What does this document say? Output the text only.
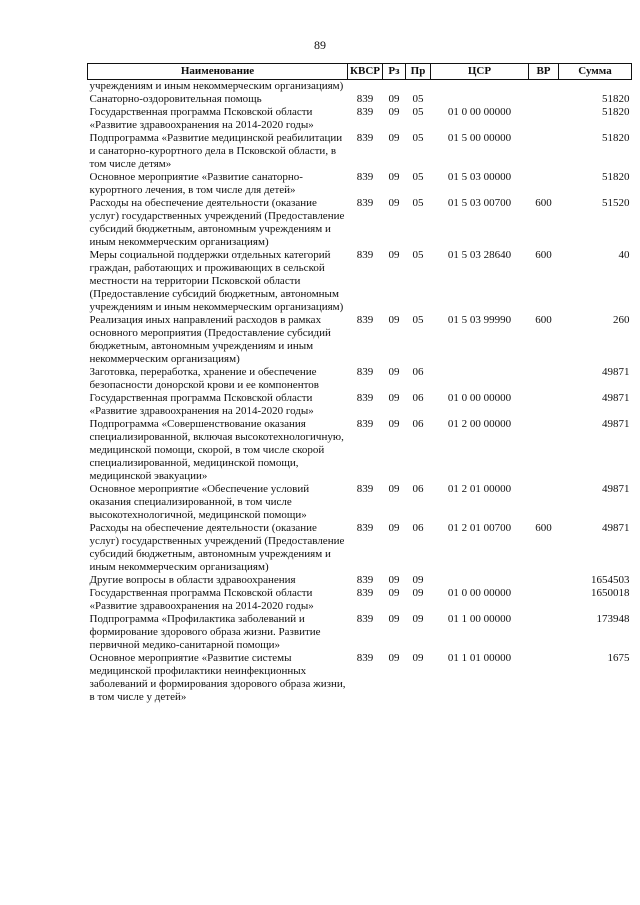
89
Наименование	КВСР	Рз	Пр	ЦСР	ВР	Сумма
учреждениям и иным некоммерческим организациям)						
Санаторно-оздоровительная помощь	839	09	05			51820
Государственная программа Псковской области «Развитие здравоохранения на 2014-2020 годы»	839	09	05	01 0 00 00000		51820
Подпрограмма «Развитие медицинской реабилитации и санаторно-курортного дела в Псковской области, в том числе детям»	839	09	05	01 5 00 00000		51820
Основное мероприятие «Развитие санаторно-курортного лечения, в том числе для детей»	839	09	05	01 5 03 00000		51820
Расходы на обеспечение деятельности (оказание услуг) государственных учреждений (Предоставление субсидий бюджетным, автономным учреждениям и иным некоммерческим организациям)	839	09	05	01 5 03 00700	600	51520
Меры социальной поддержки отдельных категорий граждан, работающих и проживающих в сельской местности на территории Псковской области (Предоставление субсидий бюджетным, автономным учреждениям и иным некоммерческим организациям)	839	09	05	01 5 03 28640	600	40
Реализация иных направлений расходов в рамках основного мероприятия (Предоставление субсидий бюджетным, автономным учреждениям и иным некоммерческим организациям)	839	09	05	01 5 03 99990	600	260
Заготовка, переработка, хранение и обеспечение безопасности донорской крови и ее компонентов	839	09	06			49871
Государственная программа Псковской области «Развитие здравоохранения на 2014-2020 годы»	839	09	06	01 0 00 00000		49871
Подпрограмма «Совершенствование оказания специализированной, включая высокотехнологичную, медицинской помощи, скорой, в том числе скорой специализированной, медицинской помощи, медицинской эвакуации»	839	09	06	01 2 00 00000		49871
Основное мероприятие «Обеспечение условий оказания специализированной, в том числе высокотехнологичной, медицинской помощи»	839	09	06	01 2 01 00000		49871
Расходы на обеспечение деятельности (оказание услуг) государственных учреждений (Предоставление субсидий бюджетным, автономным учреждениям и иным некоммерческим организациям)	839	09	06	01 2 01 00700	600	49871
Другие вопросы в области здравоохранения	839	09	09			1654503
Государственная программа Псковской области «Развитие здравоохранения на 2014-2020 годы»	839	09	09	01 0 00 00000		1650018
Подпрограмма «Профилактика заболеваний и формирование здорового образа жизни. Развитие первичной медико-санитарной помощи»	839	09	09	01 1 00 00000		173948
Основное мероприятие «Развитие системы медицинской профилактики неинфекционных заболеваний и формирования здорового образа жизни, в том числе у детей»	839	09	09	01 1 01 00000		1675
